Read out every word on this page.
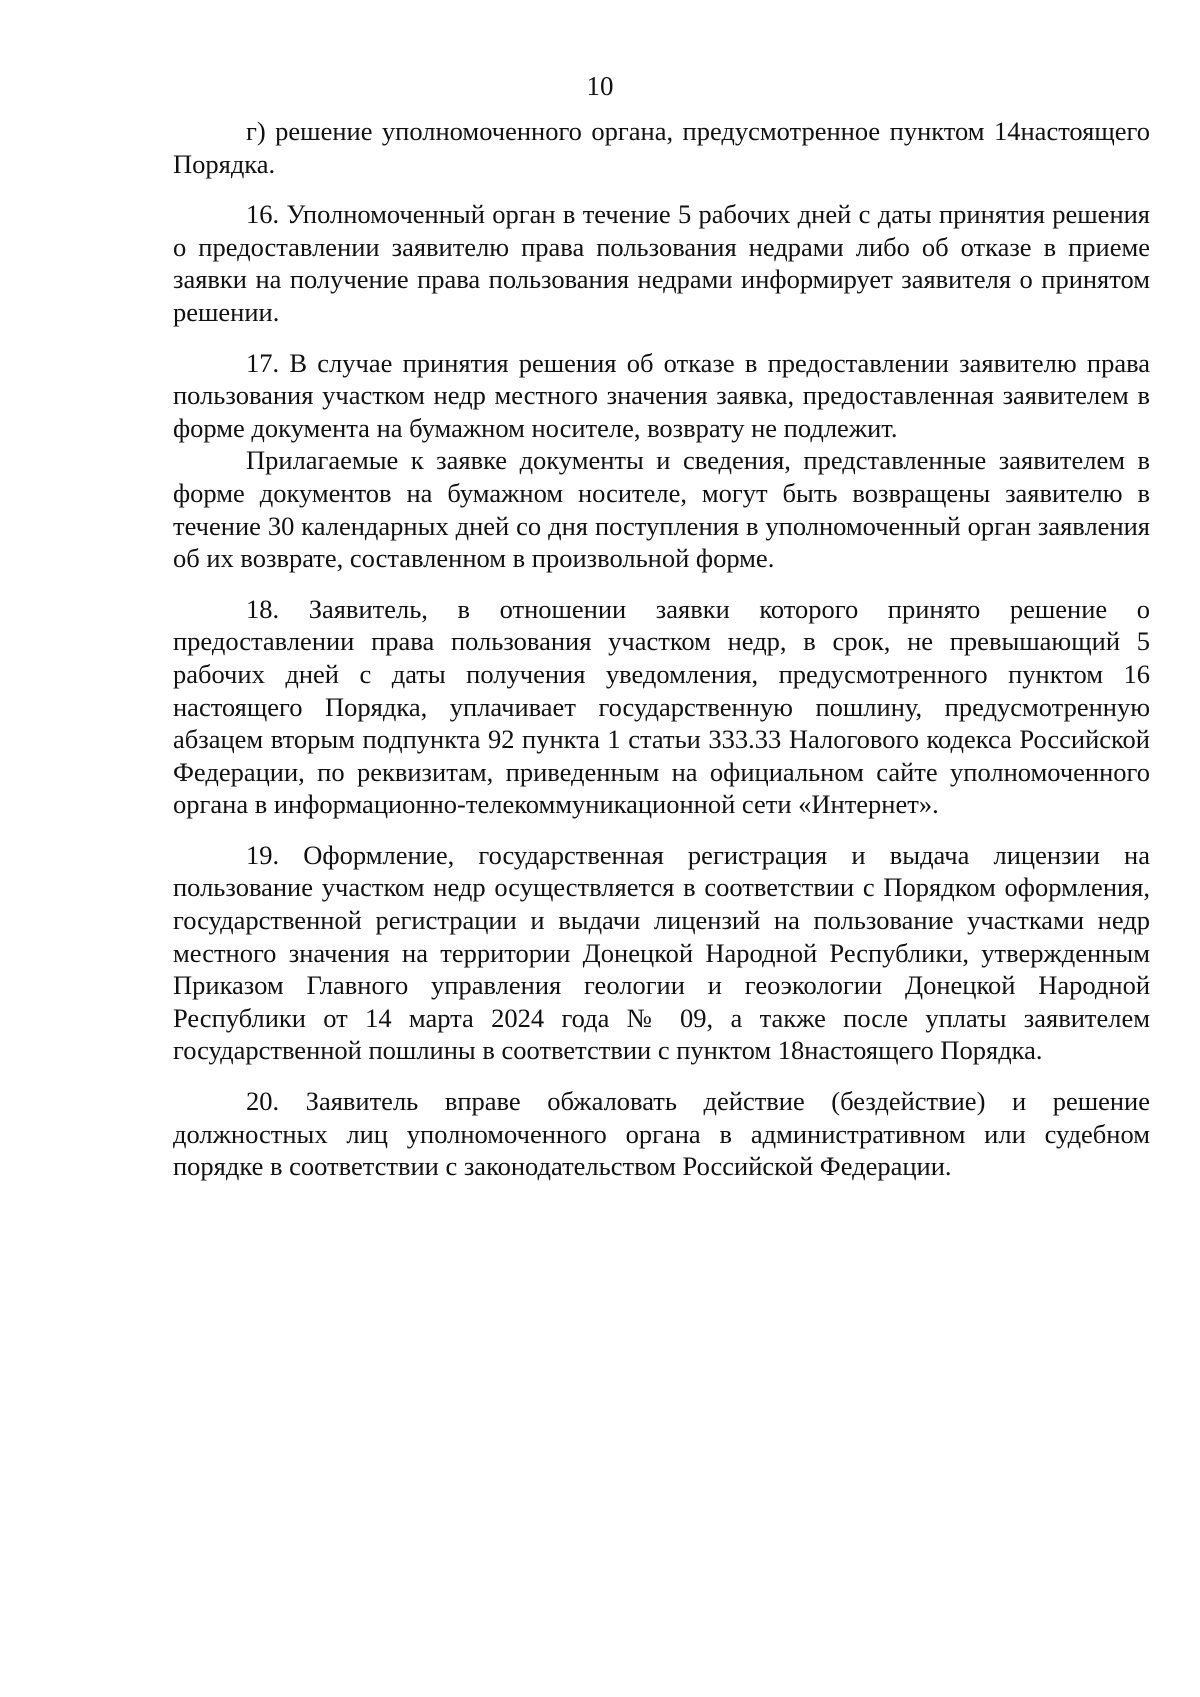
10

г) решение уполномоченного органа, предусмотренное пунктом 14настоящего Порядка.

16. Уполномоченный орган в течение 5 рабочих дней с даты принятия решения о предоставлении заявителю права пользования недрами либо об отказе в приеме заявки на получение права пользования недрами информирует заявителя о принятом решении.

17. В случае принятия решения об отказе в предоставлении заявителю права пользования участком недр местного значения заявка, предоставленная заявителем в форме документа на бумажном носителе, возврату не подлежит.

Прилагаемые к заявке документы и сведения, представленные заявителем в форме документов на бумажном носителе, могут быть возвращены заявителю в течение 30 календарных дней со дня поступления в уполномоченный орган заявления об их возврате, составленном в произвольной форме.

18. Заявитель, в отношении заявки которого принято решение о предоставлении права пользования участком недр, в срок, не превышающий 5 рабочих дней с даты получения уведомления, предусмотренного пунктом 16 настоящего Порядка, уплачивает государственную пошлину, предусмотренную абзацем вторым подпункта 92 пункта 1 статьи 333.33 Налогового кодекса Российской Федерации, по реквизитам, приведенным на официальном сайте уполномоченного органа в информационно-телекоммуникационной сети «Интернет».

19. Оформление, государственная регистрация и выдача лицензии на пользование участком недр осуществляется в соответствии с Порядком оформления, государственной регистрации и выдачи лицензий на пользование участками недр местного значения на территории Донецкой Народной Республики, утвержденным Приказом Главного управления геологии и геоэкологии Донецкой Народной Республики от 14 марта 2024 года № 09, а также после уплаты заявителем государственной пошлины в соответствии с пунктом 18настоящего Порядка.

20. Заявитель вправе обжаловать действие (бездействие) и решение должностных лиц уполномоченного органа в административном или судебном порядке в соответствии с законодательством Российской Федерации.
